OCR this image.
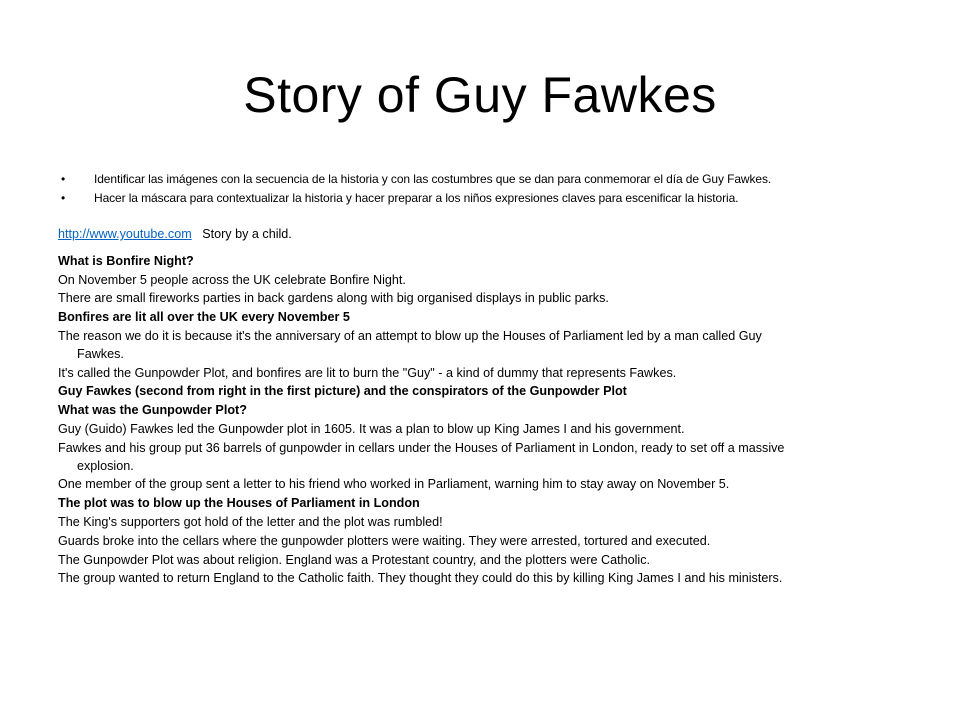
Story of Guy Fawkes
• Identificar las imágenes con la secuencia de la historia y con las costumbres que se dan para conmemorar el día de Guy Fawkes.
• Hacer la máscara para contextualizar la historia y hacer preparar a los niños expresiones claves para escenificar la historia.

http://www.youtube.com   Story by a child.

What is Bonfire Night?

On November 5 people across the UK celebrate Bonfire Night.

There are small fireworks parties in back gardens along with big organised displays in public parks.

Bonfires are lit all over the UK every November 5

The reason we do it is because it's the anniversary of an attempt to blow up the Houses of Parliament led by a man called Guy
Fawkes.

It's called the Gunpowder Plot, and bonfires are lit to burn the "Guy" - a kind of dummy that represents Fawkes.

Guy Fawkes (second from right in the first picture) and the conspirators of the Gunpowder Plot

What was the Gunpowder Plot?

Guy (Guido) Fawkes led the Gunpowder plot in 1605. It was a plan to blow up King James I and his government.

Fawkes and his group put 36 barrels of gunpowder in cellars under the Houses of Parliament in London, ready to set off a massive
explosion.

One member of the group sent a letter to his friend who worked in Parliament, warning him to stay away on November 5.

The plot was to blow up the Houses of Parliament in London

The King's supporters got hold of the letter and the plot was rumbled!

Guards broke into the cellars where the gunpowder plotters were waiting. They were arrested, tortured and executed.

The Gunpowder Plot was about religion. England was a Protestant country, and the plotters were Catholic.

The group wanted to return England to the Catholic faith. They thought they could do this by killing King James I and his ministers.
